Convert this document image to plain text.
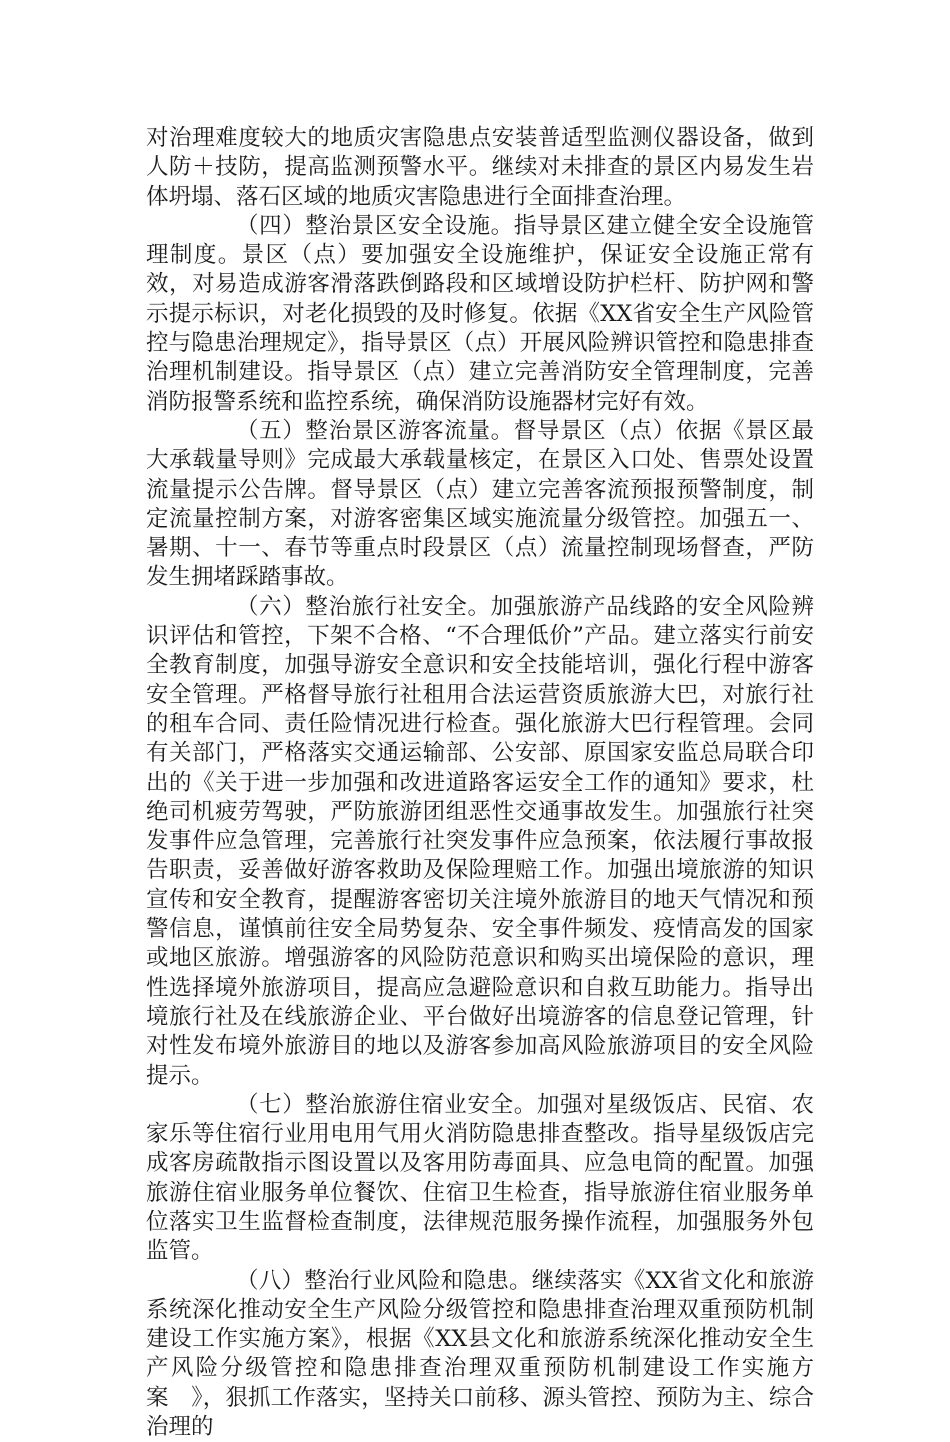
对治理难度较大的地质灾害隐患点安装普适型监测仪器设备，做到人防＋技防，提高监测预警水平。继续对未排查的景区内易发生岩体坍塌、落石区域的地质灾害隐患进行全面排查治理。

（四）整治景区安全设施。指导景区建立健全安全设施管理制度。景区（点）要加强安全设施维护，保证安全设施正常有效，对易造成游客滑落跌倒路段和区域增设防护栏杆、防护网和警示提示标识，对老化损毁的及时修复。依据《XX省安全生产风险管控与隐患治理规定》，指导景区（点）开展风险辨识管控和隐患排查治理机制建设。指导景区（点）建立完善消防安全管理制度，完善消防报警系统和监控系统，确保消防设施器材完好有效。

（五）整治景区游客流量。督导景区（点）依据《景区最大承载量导则》完成最大承载量核定，在景区入口处、售票处设置流量提示公告牌。督导景区（点）建立完善客流预报预警制度，制定流量控制方案，对游客密集区域实施流量分级管控。加强五一、暑期、十一、春节等重点时段景区（点）流量控制现场督查，严防发生拥堵踩踏事故。

（六）整治旅行社安全。加强旅游产品线路的安全风险辨识评估和管控，下架不合格、“不合理低价”产品。建立落实行前安全教育制度，加强导游安全意识和安全技能培训，强化行程中游客安全管理。严格督导旅行社租用合法运营资质旅游大巴，对旅行社的租车合同、责任险情况进行检查。强化旅游大巴行程管理。会同有关部门，严格落实交通运输部、公安部、原国家安监总局联合印出的《关于进一步加强和改进道路客运安全工作的通知》要求，杜绝司机疲劳驾驶，严防旅游团组恶性交通事故发生。加强旅行社突发事件应急管理，完善旅行社突发事件应急预案，依法履行事故报告职责，妥善做好游客救助及保险理赔工作。加强出境旅游的知识宣传和安全教育，提醒游客密切关注境外旅游目的地天气情况和预警信息，谨慎前往安全局势复杂、安全事件频发、疫情高发的国家或地区旅游。增强游客的风险防范意识和购买出境保险的意识，理性选择境外旅游项目，提高应急避险意识和自救互助能力。指导出境旅行社及在线旅游企业、平台做好出境游客的信息登记管理，针对性发布境外旅游目的地以及游客参加高风险旅游项目的安全风险提示。

（七）整治旅游住宿业安全。加强对星级饭店、民宿、农家乐等住宿行业用电用气用火消防隐患排查整改。指导星级饭店完成客房疏散指示图设置以及客用防毒面具、应急电筒的配置。加强旅游住宿业服务单位餐饮、住宿卫生检查，指导旅游住宿业服务单位落实卫生监督检查制度，法律规范服务操作流程，加强服务外包监管。

（八）整治行业风险和隐患。继续落实《XX省文化和旅游系统深化推动安全生产风险分级管控和隐患排查治理双重预防机制建设工作实施方案》，根据《XX县文化和旅游系统深化推动安全生产风险分级管控和隐患排查治理双重预防机制建设工作实施方案　》，狠抓工作落实，坚持关口前移、源头管控、预防为主、综合治理的
